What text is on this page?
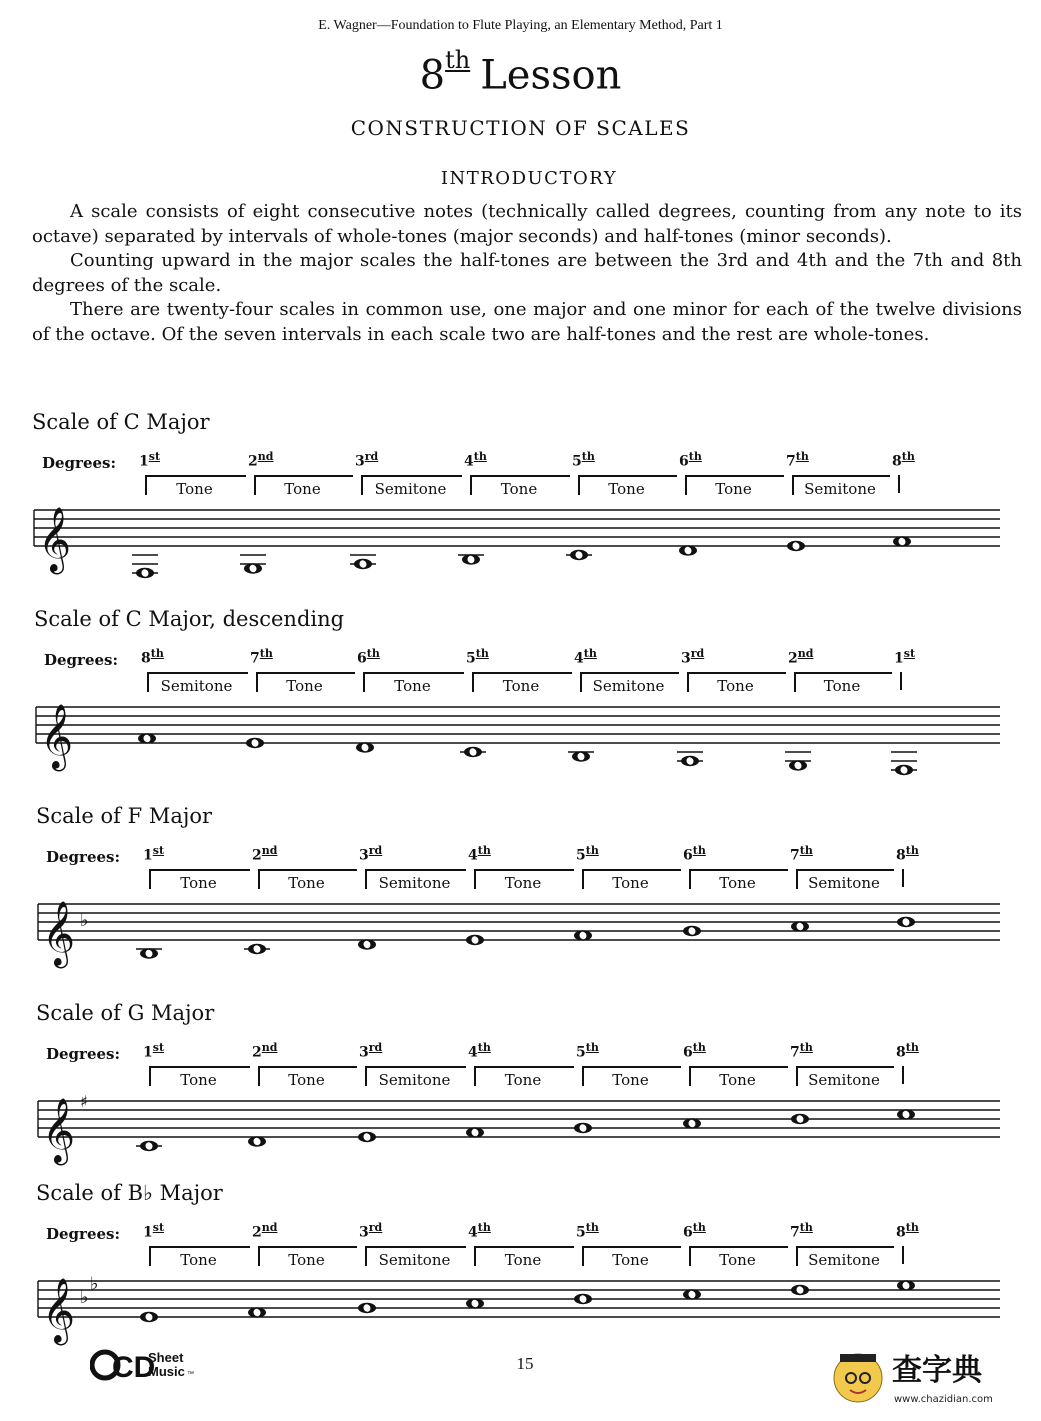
E. Wagner—Foundation to Flute Playing, an Elementary Method, Part 1
8th Lesson
CONSTRUCTION OF SCALES
INTRODUCTORY

A scale consists of eight consecutive notes (technically called degrees, counting from any note to its octave) separated by intervals of whole-tones (major seconds) and half-tones (minor seconds).

Counting upward in the major scales the half-tones are between the 3rd and 4th and the 7th and 8th degrees of the scale.

There are twenty-four scales in common use, one major and one minor for each of the twelve divisions of the octave. Of the seven intervals in each scale two are half-tones and the rest are whole-tones.

Scale of C Major
Degrees: 1st	2nd	3rd	4th	5th	6th	7th	8th
Tone	Tone	Semitone	Tone	Tone	Tone	Semitone
𝄞
Scale of C Major, descending
Degrees: 8th	7th	6th	5th	4th	3rd	2nd	1st
Semitone	Tone	Tone	Tone	Semitone	Tone	Tone
𝄞
Scale of F Major
Degrees: 1st	2nd	3rd	4th	5th	6th	7th	8th
Tone	Tone	Semitone	Tone	Tone	Tone	Semitone
𝄞 ♭
Scale of G Major
Degrees: 1st	2nd	3rd	4th	5th	6th	7th	8th
Tone	Tone	Semitone	Tone	Tone	Tone	Semitone
𝄞 ♯
Scale of B♭ Major
Degrees: 1st	2nd	3rd	4th	5th	6th	7th	8th
Tone	Tone	Semitone	Tone	Tone	Tone	Semitone
𝄞 ♭
♭
15
CD
Sheet
Music ™	查字典
www.chazidian.com
